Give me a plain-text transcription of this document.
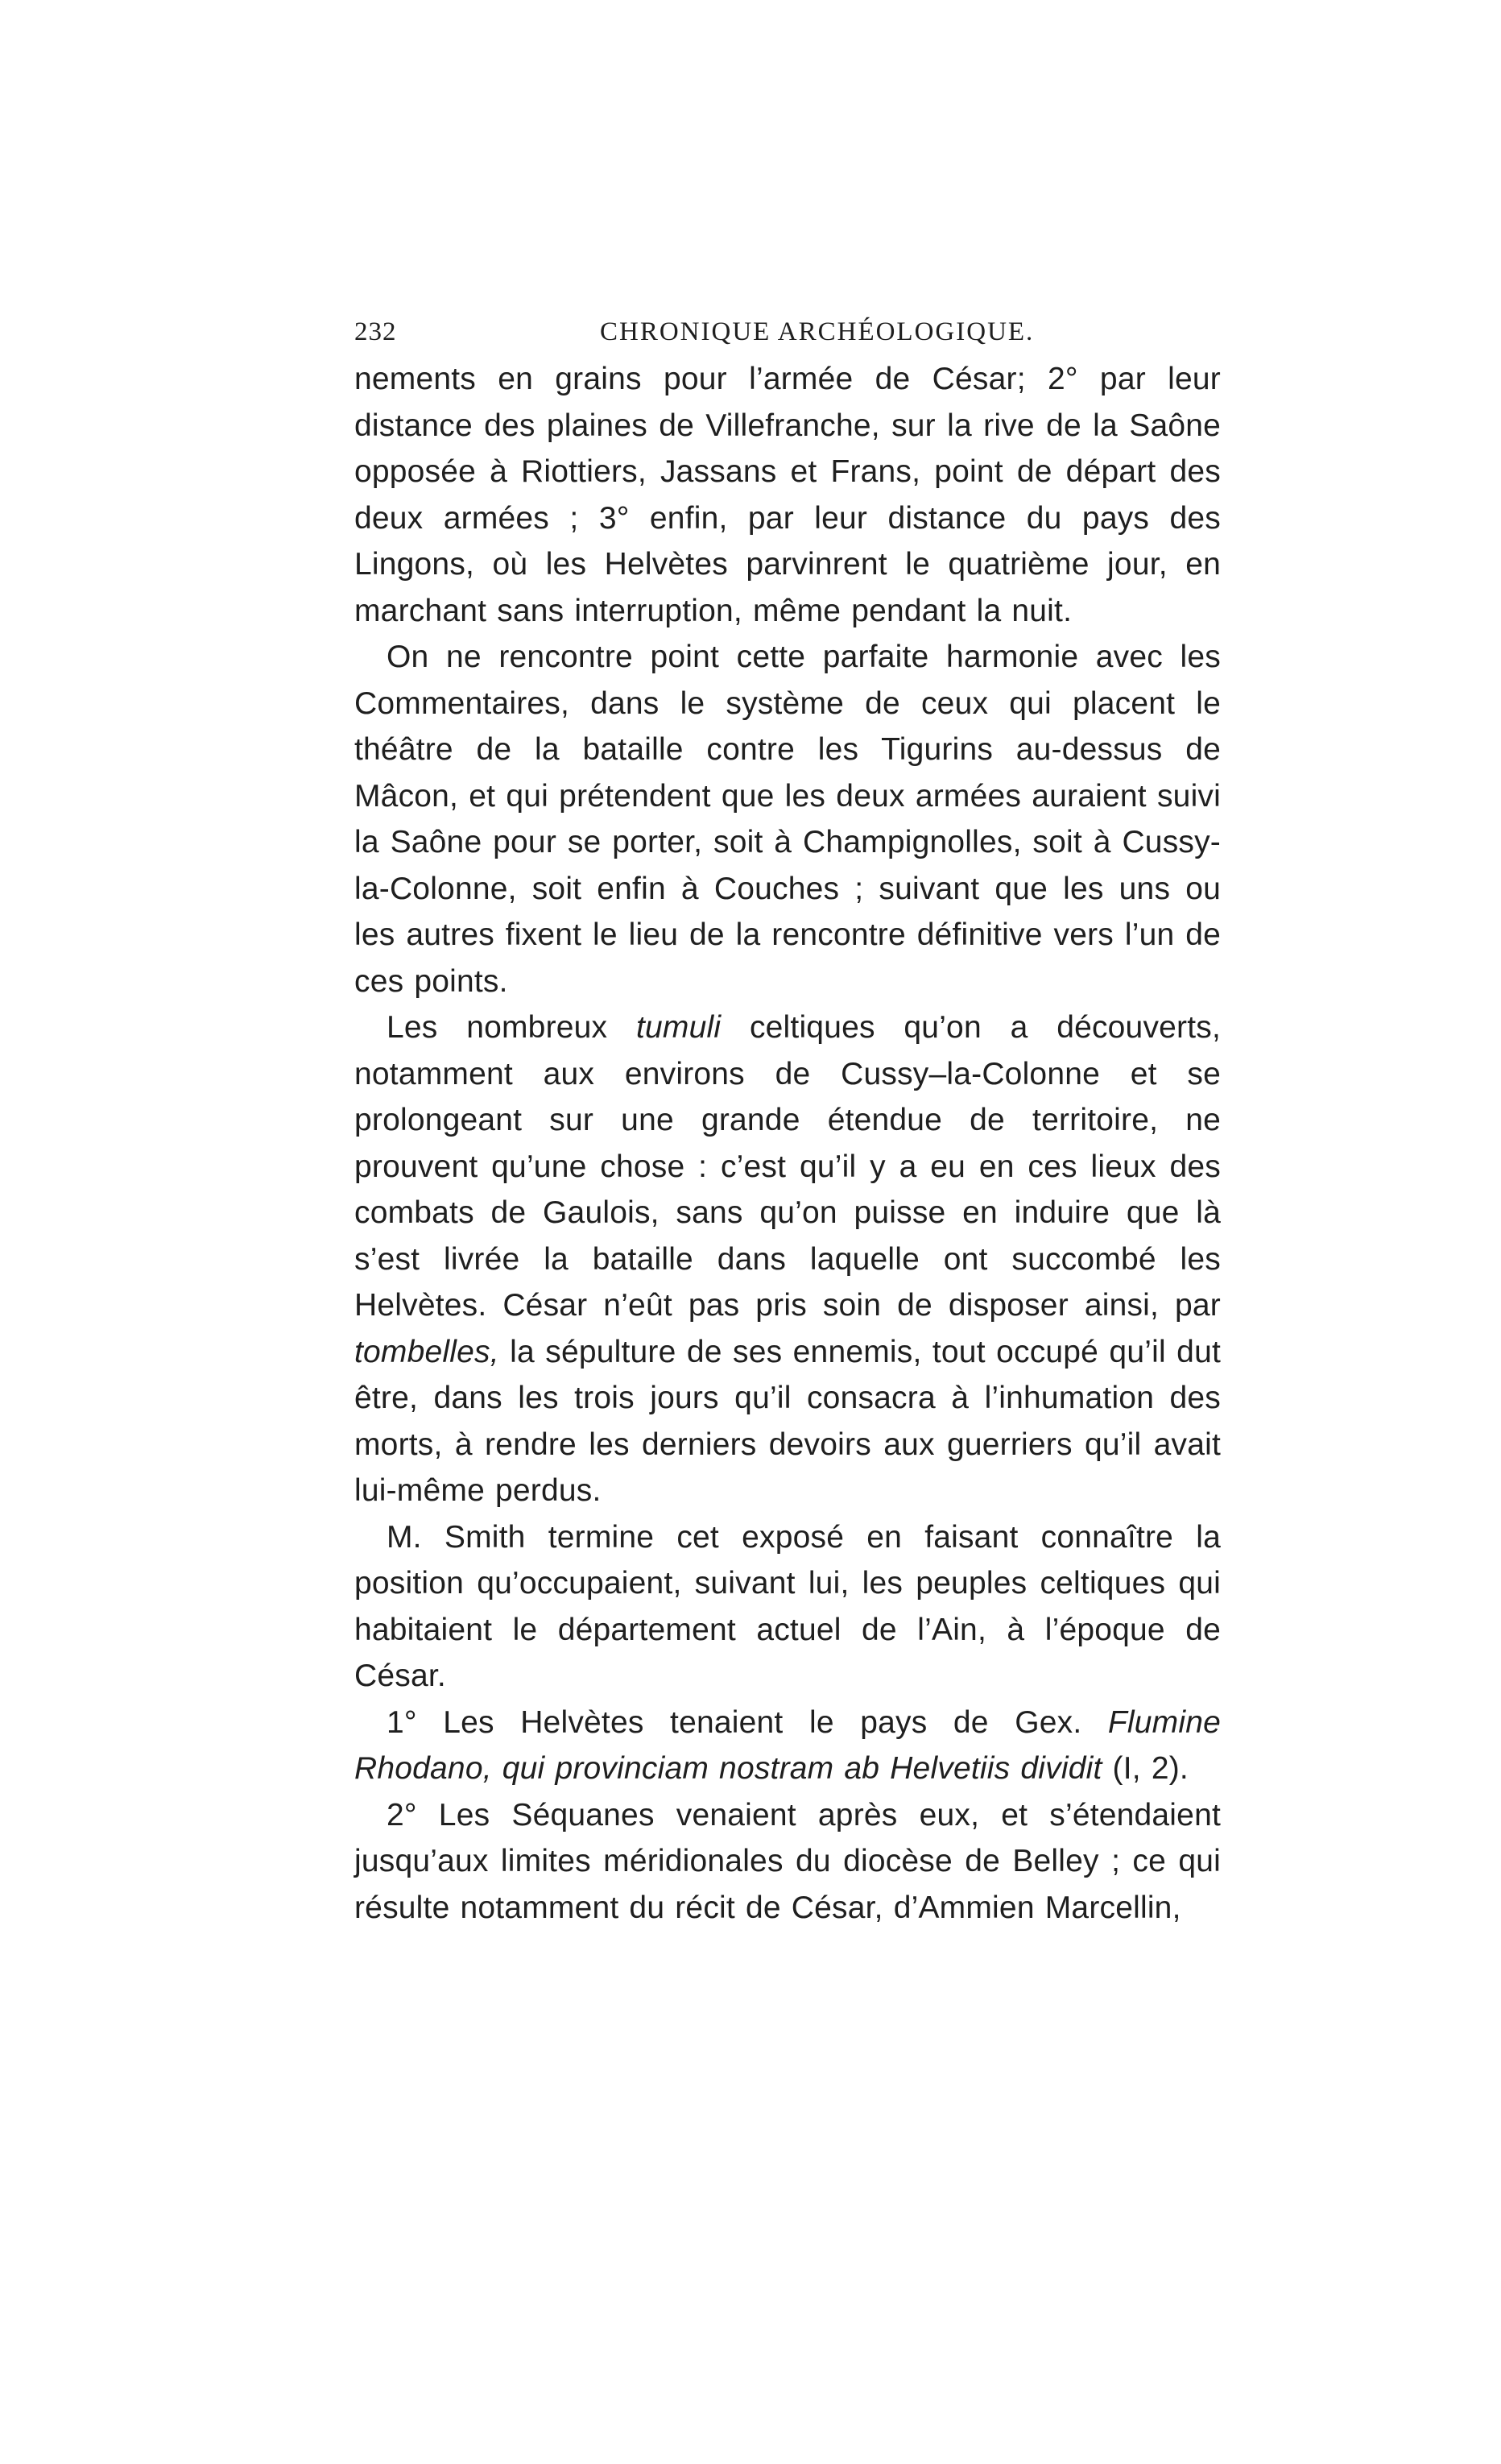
232	CHRONIQUE ARCHÉOLOGIQUE.

nements en grains pour l’armée de César; 2° par leur distance des plaines de Villefranche, sur la rive de la Saône opposée à Riottiers, Jassans et Frans, point de départ des deux armées ; 3° enfin, par leur distance du pays des Lingons, où les Helvètes parvinrent le quatrième jour, en marchant sans interruption, même pendant la nuit.

On ne rencontre point cette parfaite harmonie avec les Commentaires, dans le système de ceux qui placent le théâtre de la bataille contre les Tigurins au-dessus de Mâcon, et qui prétendent que les deux armées auraient suivi la Saône pour se porter, soit à Champignolles, soit à Cussy-la-Colonne, soit enfin à Couches ; suivant que les uns ou les autres fixent le lieu de la rencontre définitive vers l’un de ces points.

Les nombreux tumuli celtiques qu’on a découverts, notamment aux environs de Cussy–la-Colonne et se prolongeant sur une grande étendue de territoire, ne prouvent qu’une chose : c’est qu’il y a eu en ces lieux des combats de Gaulois, sans qu’on puisse en induire que là s’est livrée la bataille dans laquelle ont succombé les Helvètes. César n’eût pas pris soin de disposer ainsi, par tombelles, la sépulture de ses ennemis, tout occupé qu’il dut être, dans les trois jours qu’il consacra à l’inhumation des morts, à rendre les derniers devoirs aux guerriers qu’il avait lui-même perdus.

M. Smith termine cet exposé en faisant connaître la position qu’occupaient, suivant lui, les peuples celtiques qui habitaient le département actuel de l’Ain, à l’époque de César.

1° Les Helvètes tenaient le pays de Gex. Flumine Rhodano, qui provinciam nostram ab Helvetiis dividit (I, 2).

2° Les Séquanes venaient après eux, et s’étendaient jusqu’aux limites méridionales du diocèse de Belley ; ce qui résulte notamment du récit de César, d’Ammien Marcellin,
